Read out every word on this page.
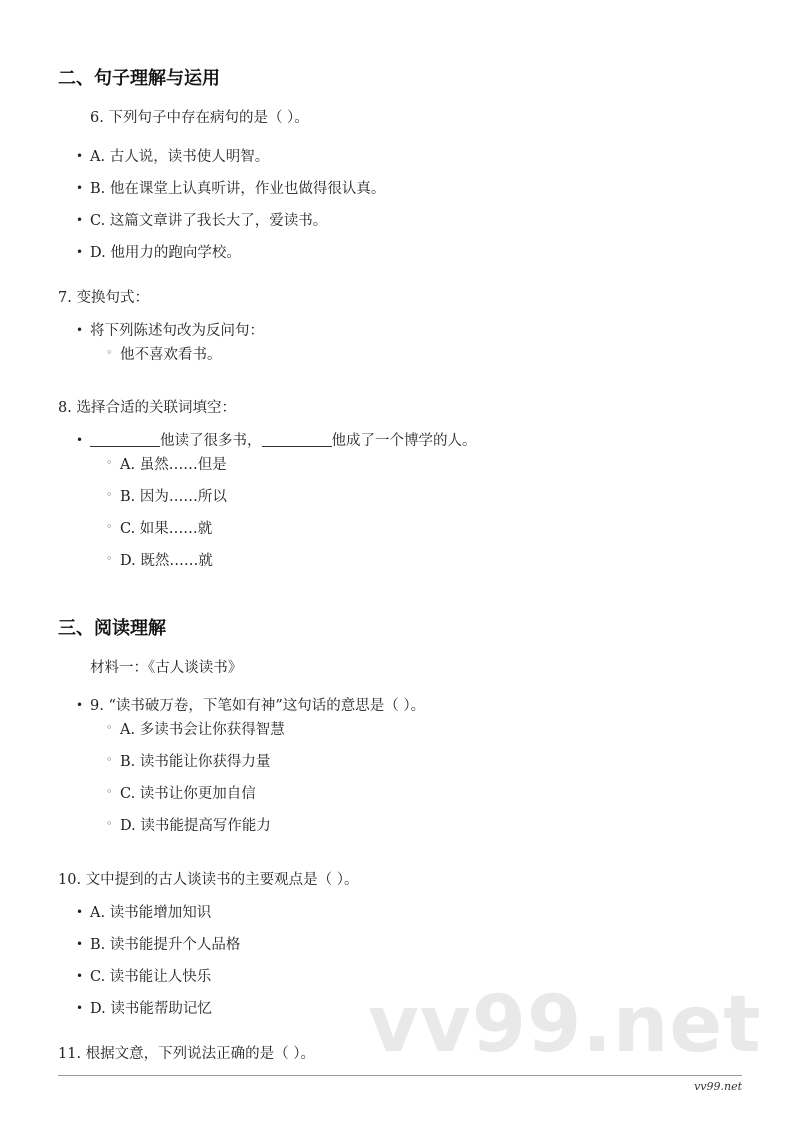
二、句子理解与运用
6. 下列句子中存在病句的是（ ）。
• A. 古人说，读书使人明智。
• B. 他在课堂上认真听讲，作业也做得很认真。
• C. 这篇文章讲了我长大了，爱读书。
• D. 他用力的跑向学校。
7. 变换句式：
• 将下列陈述句改为反问句：
◦ 他不喜欢看书。
8. 选择合适的关联词填空：
•	他读了很多书，	他成了一个博学的人。
◦ A. 虽然……但是
◦ B. 因为……所以
◦ C. 如果……就
◦ D. 既然……就
三、阅读理解
材料一：《古人谈读书》
• 9. “读书破万卷，下笔如有神”这句话的意思是（ ）。
◦ A. 多读书会让你获得智慧
◦ B. 读书能让你获得力量
◦ C. 读书让你更加自信
◦ D. 读书能提高写作能力
10. 文中提到的古人谈读书的主要观点是（ ）。
• A. 读书能增加知识
• B. 读书能提升个人品格
• C. 读书能让人快乐
• D. 读书能帮助记忆 vv99.net
11. 根据文意，下列说法正确的是（ ）。
vv99.net
